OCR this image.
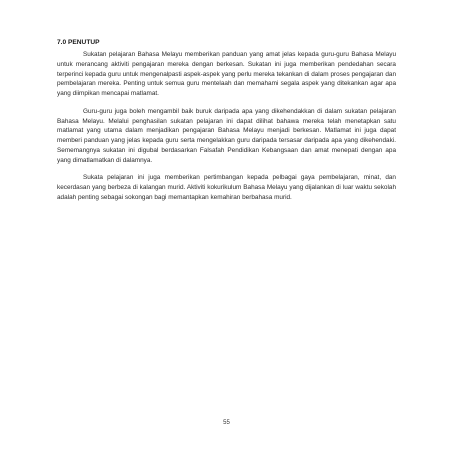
7.0 PENUTUP

Sukatan pelajaran Bahasa Melayu memberikan panduan yang amat jelas kepada guru-guru Bahasa Melayu untuk merancang aktiviti pengajaran mereka dengan berkesan. Sukatan ini juga memberikan pendedahan secara terperinci kepada guru untuk mengenalpasti aspek-aspek yang perlu mereka tekankan di dalam proses pengajaran dan pembelajaran mereka. Penting untuk semua guru mentelaah dan memahami segala aspek yang ditekankan agar apa yang diimpikan mencapai matlamat.

Guru-guru juga boleh mengambil baik buruk daripada apa yang dikehendakkan di dalam sukatan pelajaran Bahasa Melayu. Melalui penghasilan sukatan pelajaran ini dapat dilihat bahawa mereka telah menetapkan satu matlamat yang utama dalam menjadikan pengajaran Bahasa Melayu menjadi berkesan. Matlamat ini juga dapat memberi panduan yang jelas kepada guru serta mengelakkan guru daripada tersasar daripada apa yang dikehendaki. Sememangnya sukatan ini digubal berdasarkan Falsafah Pendidikan Kebangsaan dan amat menepati dengan apa yang dimatlamatkan di dalamnya.

Sukata pelajaran ini juga memberikan pertimbangan kepada pelbagai gaya pembelajaran, minat, dan kecerdasan yang berbeza di kalangan murid. Aktiviti kokurikulum Bahasa Melayu yang dijalankan di luar waktu sekolah adalah penting sebagai sokongan bagi memantapkan kemahiran berbahasa murid.

55
